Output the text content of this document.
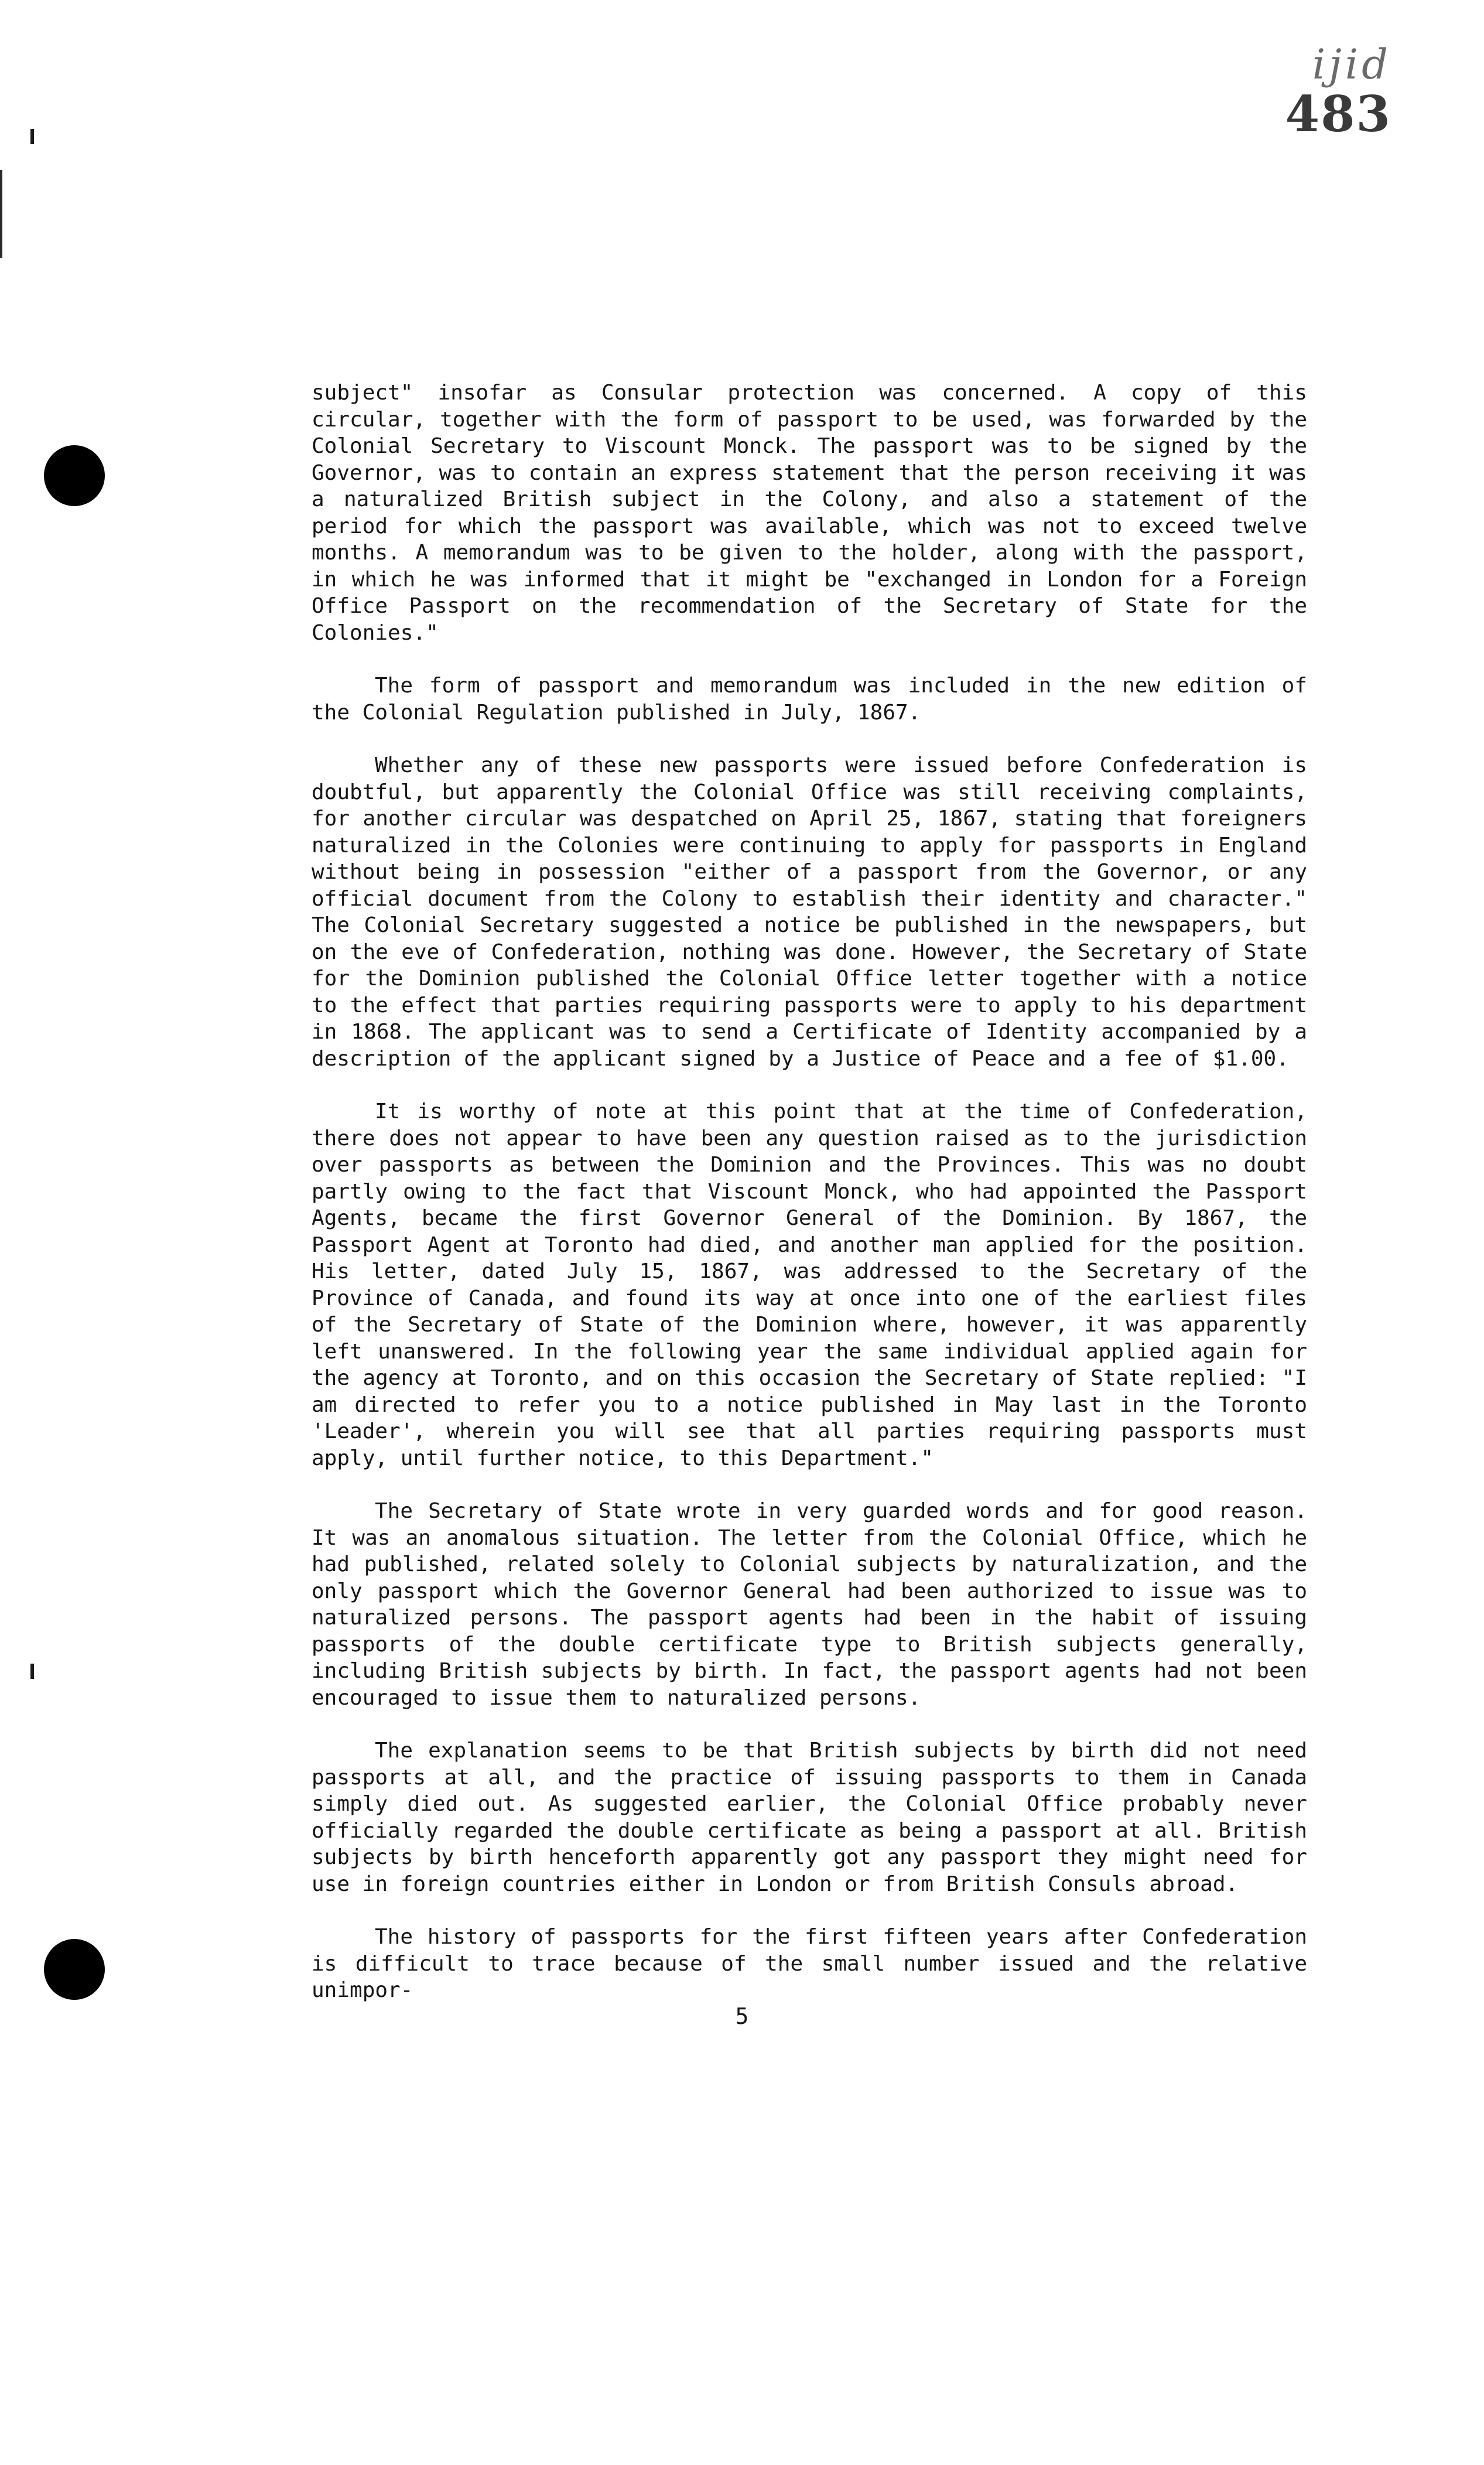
ijid
483

subject" insofar as Consular protection was concerned. A copy of this circular, together with the form of passport to be used, was forwarded by the Colonial Secretary to Viscount Monck. The passport was to be signed by the Governor, was to contain an express statement that the person receiving it was a naturalized British subject in the Colony, and also a statement of the period for which the passport was available, which was not to exceed twelve months. A memorandum was to be given to the holder, along with the passport, in which he was informed that it might be "exchanged in London for a Foreign Office Passport on the recommendation of the Secretary of State for the Colonies."

The form of passport and memorandum was included in the new edition of the Colonial Regulation published in July, 1867.

Whether any of these new passports were issued before Confederation is doubtful, but apparently the Colonial Office was still receiving complaints, for another circular was despatched on April 25, 1867, stating that foreigners naturalized in the Colonies were continuing to apply for passports in England without being in possession "either of a passport from the Governor, or any official document from the Colony to establish their identity and character." The Colonial Secretary suggested a notice be published in the newspapers, but on the eve of Confederation, nothing was done. However, the Secretary of State for the Dominion published the Colonial Office letter together with a notice to the effect that parties requiring passports were to apply to his department in 1868. The applicant was to send a Certificate of Identity accompanied by a description of the applicant signed by a Justice of Peace and a fee of $1.00.

It is worthy of note at this point that at the time of Confederation, there does not appear to have been any question raised as to the jurisdiction over passports as between the Dominion and the Provinces. This was no doubt partly owing to the fact that Viscount Monck, who had appointed the Passport Agents, became the first Governor General of the Dominion. By 1867, the Passport Agent at Toronto had died, and another man applied for the position. His letter, dated July 15, 1867, was addressed to the Secretary of the Province of Canada, and found its way at once into one of the earliest files of the Secretary of State of the Dominion where, however, it was apparently left unanswered. In the following year the same individual applied again for the agency at Toronto, and on this occasion the Secretary of State replied: "I am directed to refer you to a notice published in May last in the Toronto 'Leader', wherein you will see that all parties requiring passports must apply, until further notice, to this Department."

The Secretary of State wrote in very guarded words and for good reason. It was an anomalous situation. The letter from the Colonial Office, which he had published, related solely to Colonial subjects by naturalization, and the only passport which the Governor General had been authorized to issue was to naturalized persons. The passport agents had been in the habit of issuing passports of the double certificate type to British subjects generally, including British subjects by birth. In fact, the passport agents had not been encouraged to issue them to naturalized persons.

The explanation seems to be that British subjects by birth did not need passports at all, and the practice of issuing passports to them in Canada simply died out. As suggested earlier, the Colonial Office probably never officially regarded the double certificate as being a passport at all. British subjects by birth henceforth apparently got any passport they might need for use in foreign countries either in London or from British Consuls abroad.

The history of passports for the first fifteen years after Confederation is difficult to trace because of the small number issued and the relative unimpor-

5
